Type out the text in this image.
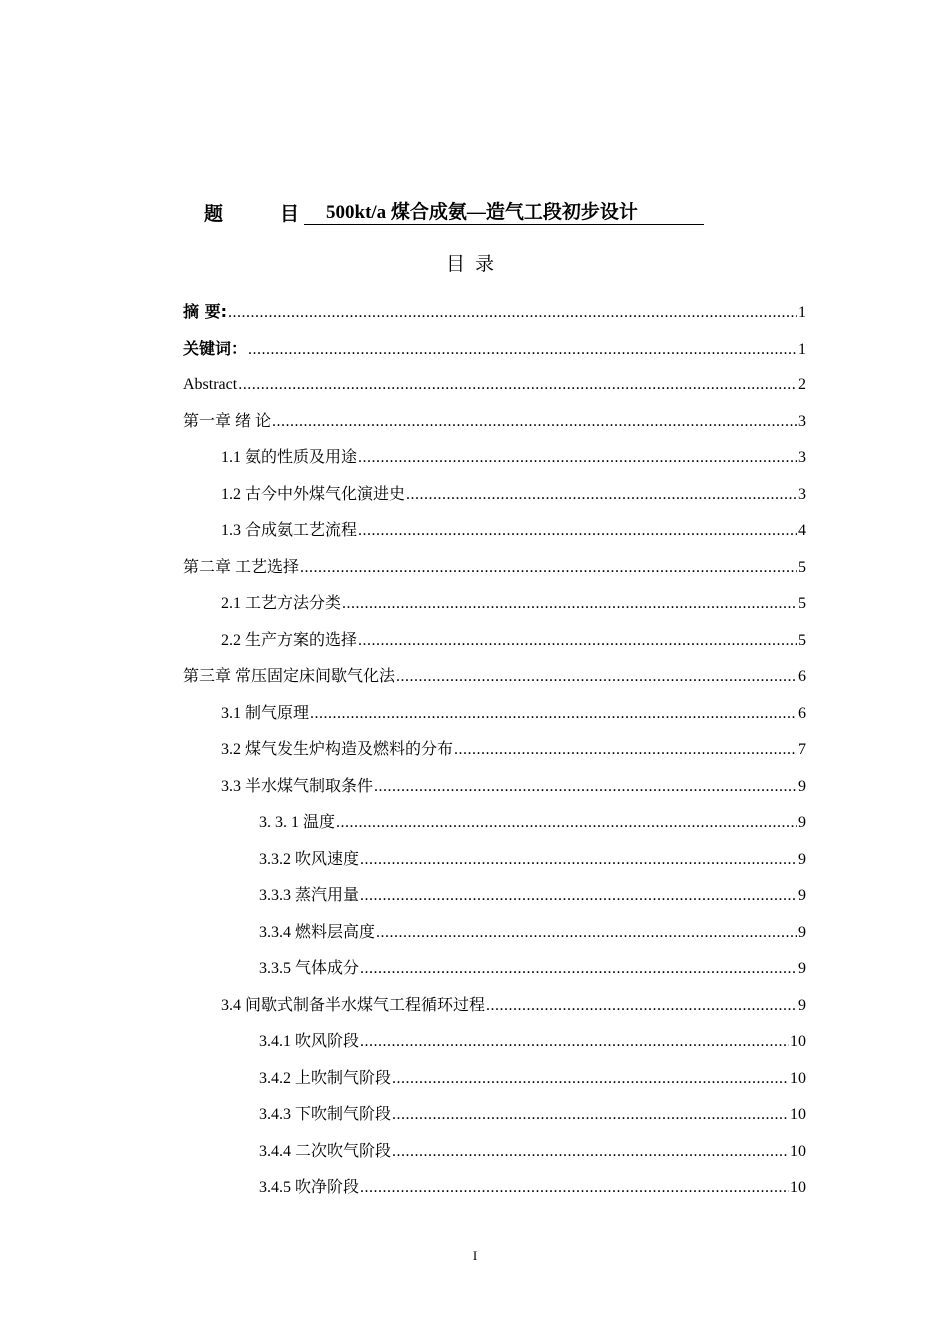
题	目	500kt/a 煤合成氨—造气工段初步设计
目录
摘 要: .....	1
关键词： .....	1
Abstract .....	2
第一章 绪 论 .....	3
1.1 氨的性质及用途 .....	3
1.2 古今中外煤气化演进史 .....	3
1.3 合成氨工艺流程 .....	4
第二章 工艺选择 .....	5
2.1 工艺方法分类 .....	5
2.2 生产方案的选择 .....	5
第三章 常压固定床间歇气化法 .....	6
3.1 制气原理 .....	6
3.2 煤气发生炉构造及燃料的分布 .....	7
3.3 半水煤气制取条件 .....	9
3. 3. 1 温度 .....	9
3.3.2 吹风速度 .....	9
3.3.3 蒸汽用量 .....	9
3.3.4 燃料层高度 .....	9
3.3.5 气体成分 .....	9
3.4 间歇式制备半水煤气工程循环过程 .....	9
3.4.1 吹风阶段 .....	10
3.4.2 上吹制气阶段 .....	10
3.4.3 下吹制气阶段 .....	10
3.4.4 二次吹气阶段 .....	10
3.4.5 吹净阶段 .....	10
I
